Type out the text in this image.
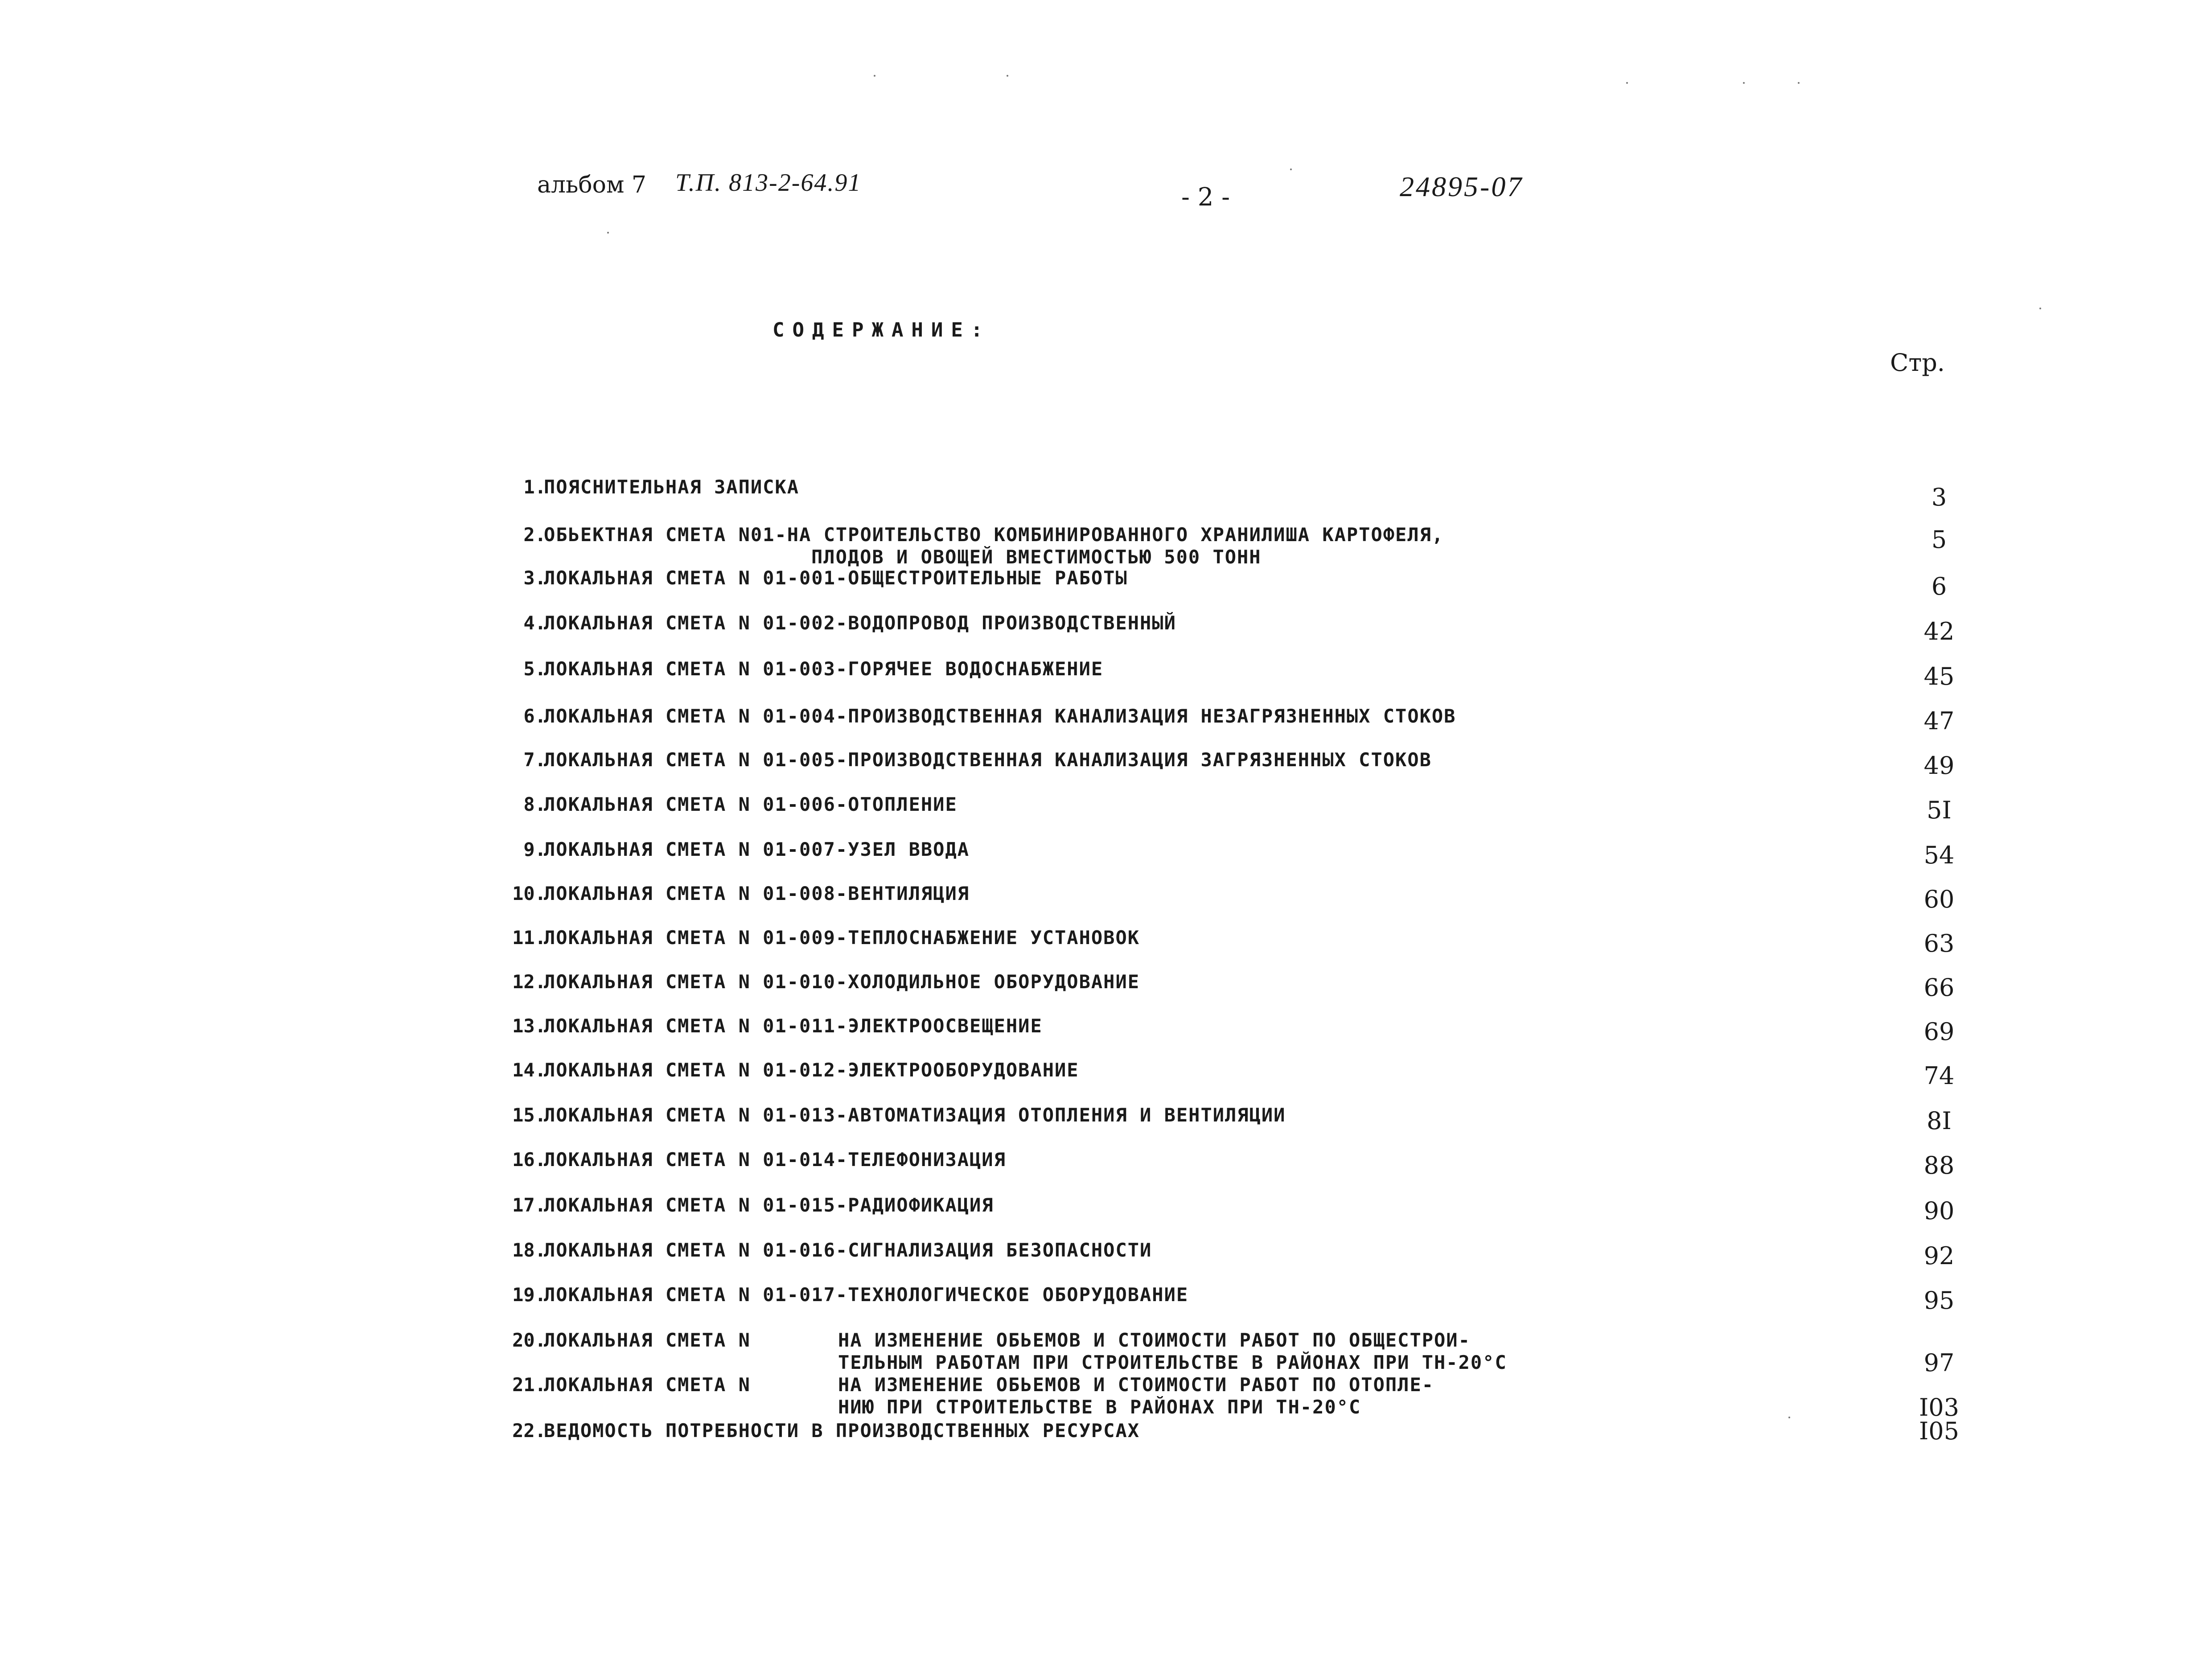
альбом 7 Т.П. 813-2-64.91	- 2 -	24895-07
СОДЕРЖАНИЕ:
Стр.
1.
ПОЯСНИТЕЛЬНАЯ ЗАПИСКА	3
2.
ОБЬЕКТНАЯ СМЕТА N01-НА СТРОИТЕЛЬСТВО КОМБИНИРОВАННОГО ХРАНИЛИША КАРТОФЕЛЯ,
ПЛОДОВ И ОВОЩЕЙ ВМЕСТИМОСТЬЮ 500 ТОНН
5
3.
ЛОКАЛЬНАЯ СМЕТА N 01-001-ОБЩЕСТРОИТЕЛЬНЫЕ РАБОТЫ	6
4.
ЛОКАЛЬНАЯ СМЕТА N 01-002-ВОДОПРОВОД ПРОИЗВОДСТВЕННЫЙ	42
5.
ЛОКАЛЬНАЯ СМЕТА N 01-003-ГОРЯЧЕЕ ВОДОСНАБЖЕНИЕ	45
6.
ЛОКАЛЬНАЯ СМЕТА N 01-004-ПРОИЗВОДСТВЕННАЯ КАНАЛИЗАЦИЯ НЕЗАГРЯЗНЕННЫХ СТОКОВ	47
7.
ЛОКАЛЬНАЯ СМЕТА N 01-005-ПРОИЗВОДСТВЕННАЯ КАНАЛИЗАЦИЯ ЗАГРЯЗНЕННЫХ СТОКОВ	49
8.
ЛОКАЛЬНАЯ СМЕТА N 01-006-ОТОПЛЕНИЕ	5I
9.
ЛОКАЛЬНАЯ СМЕТА N 01-007-УЗЕЛ ВВОДА	54
10.
ЛОКАЛЬНАЯ СМЕТА N 01-008-ВЕНТИЛЯЦИЯ	60
11.
ЛОКАЛЬНАЯ СМЕТА N 01-009-ТЕПЛОСНАБЖЕНИЕ УСТАНОВОК	63
12.
ЛОКАЛЬНАЯ СМЕТА N 01-010-ХОЛОДИЛЬНОЕ ОБОРУДОВАНИЕ	66
13.
ЛОКАЛЬНАЯ СМЕТА N 01-011-ЭЛЕКТРООСВЕЩЕНИЕ	69
14.
ЛОКАЛЬНАЯ СМЕТА N 01-012-ЭЛЕКТРООБОРУДОВАНИЕ	74
15.
ЛОКАЛЬНАЯ СМЕТА N 01-013-АВТОМАТИЗАЦИЯ ОТОПЛЕНИЯ И ВЕНТИЛЯЦИИ	8I
16.
ЛОКАЛЬНАЯ СМЕТА N 01-014-ТЕЛЕФОНИЗАЦИЯ	88
17.
ЛОКАЛЬНАЯ СМЕТА N 01-015-РАДИОФИКАЦИЯ	90
18.
ЛОКАЛЬНАЯ СМЕТА N 01-016-СИГНАЛИЗАЦИЯ БЕЗОПАСНОСТИ	92
19.
ЛОКАЛЬНАЯ СМЕТА N 01-017-ТЕХНОЛОГИЧЕСКОЕ ОБОРУДОВАНИЕ	95
20.
ЛОКАЛЬНАЯ СМЕТА N	НА ИЗМЕНЕНИЕ ОБЬЕМОВ И СТОИМОСТИ РАБОТ ПО ОБЩЕСТРОИ-
ТЕЛЬНЫМ РАБОТАМ ПРИ СТРОИТЕЛЬСТВЕ В РАЙОНАХ ПРИ ТН-20°С	97
21.
ЛОКАЛЬНАЯ СМЕТА N	НА ИЗМЕНЕНИЕ ОБЬЕМОВ И СТОИМОСТИ РАБОТ ПО ОТОПЛЕ-
НИЮ ПРИ СТРОИТЕЛЬСТВЕ В РАЙОНАХ ПРИ ТН-20°С	I03
22.
ВЕДОМОСТЬ ПОТРЕБНОСТИ В ПРОИЗВОДСТВЕННЫХ РЕСУРСАХ	I05
